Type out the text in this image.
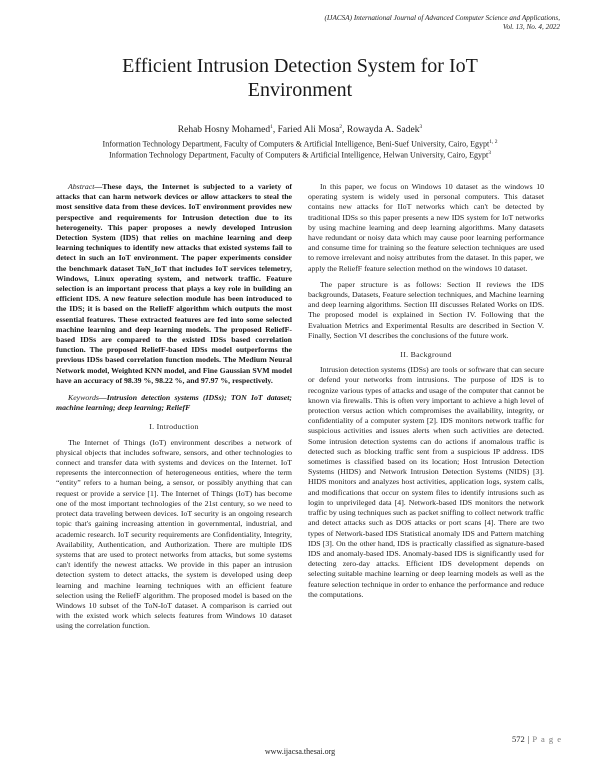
(IJACSA) International Journal of Advanced Computer Science and Applications,
Vol. 13, No. 4, 2022
Efficient Intrusion Detection System for IoT
Environment
Rehab Hosny Mohamed$^1$, Faried Ali Mosa$^2$, Rowayda A. Sadek$^3$
Information Technology Department, Faculty of Computers & Artificial Intelligence, Beni-Suef University, Cairo, Egypt$^{1, 2}$
Information Technology Department, Faculty of Computers & Artificial Intelligence, Helwan University, Cairo, Egypt$^3$

Abstract—These days, the Internet is subjected to a variety of attacks that can harm network devices or allow attackers to steal the most sensitive data from these devices. IoT environment provides new perspective and requirements for Intrusion detection due to its heterogeneity. This paper proposes a newly developed Intrusion Detection System (IDS) that relies on machine learning and deep learning techniques to identify new attacks that existed systems fail to detect in such an IoT environment. The paper experiments consider the benchmark dataset ToN_IoT that includes IoT services telemetry, Windows, Linux operating system, and network traffic. Feature selection is an important process that plays a key role in building an efficient IDS. A new feature selection module has been introduced to the IDS; it is based on the ReliefF algorithm which outputs the most essential features. These extracted features are fed into some selected machine learning and deep learning models. The proposed ReliefF-based IDSs are compared to the existed IDSs based correlation function. The proposed ReliefF-based IDSs model outperforms the previous IDSs based correlation function models. The Medium Neural Network model, Weighted KNN model, and Fine Gaussian SVM model have an accuracy of 98.39 %, 98.22 %, and 97.97 %, respectively.

Keywords—Intrusion detection systems (IDSs); TON IoT dataset; machine learning; deep learning; ReliefF

I. Introduction

The Internet of Things (IoT) environment describes a network of physical objects that includes software, sensors, and other technologies to connect and transfer data with systems and devices on the Internet. IoT represents the interconnection of heterogeneous entities, where the term “entity” refers to a human being, a sensor, or possibly anything that can request or provide a service [1]. The Internet of Things (IoT) has become one of the most important technologies of the 21st century, so we need to protect data traveling between devices. IoT security is an ongoing research topic that's gaining increasing attention in governmental, industrial, and academic research. IoT security requirements are Confidentiality, Integrity, Availability, Authentication, and Authorization. There are multiple IDS systems that are used to protect networks from attacks, but some systems can't identify the newest attacks. We provide in this paper an intrusion detection system to detect attacks, the system is developed using deep learning and machine learning techniques with an efficient feature selection using the ReliefF algorithm. The proposed model is based on the Windows 10 subset of the ToN-IoT dataset. A comparison is carried out with the existed work which selects features from Windows 10 dataset using the correlation function.

In this paper, we focus on Windows 10 dataset as the windows 10 operating system is widely used in personal computers. This dataset contains new attacks for IIoT networks which can't be detected by traditional IDSs so this paper presents a new IDS system for IoT networks by using machine learning and deep learning algorithms. Many datasets have redundant or noisy data which may cause poor learning performance and consume time for training so the feature selection techniques are used to remove irrelevant and noisy attributes from the dataset. In this paper, we apply the ReliefF feature selection method on the windows 10 dataset.

The paper structure is as follows: Section II reviews the IDS backgrounds, Datasets, Feature selection techniques, and Machine learning and deep learning algorithms. Section III discusses Related Works on IDS. The proposed model is explained in Section IV. Following that the Evaluation Metrics and Experimental Results are described in Section V. Finally, Section VI describes the conclusions of the future work.

II. Background

Intrusion detection systems (IDSs) are tools or software that can secure or defend your networks from intrusions. The purpose of IDS is to recognize various types of attacks and usage of the computer that cannot be known via firewalls. This is often very important to achieve a high level of protection versus action which compromises the availability, integrity, or confidentiality of a computer system [2]. IDS monitors network traffic for suspicious activities and issues alerts when such activities are detected. Some intrusion detection systems can do actions if anomalous traffic is detected such as blocking traffic sent from a suspicious IP address. IDS sometimes is classified based on its location; Host Intrusion Detection Systems (HIDS) and Network Intrusion Detection Systems (NIDS) [3]. HIDS monitors and analyzes host activities, application logs, system calls, and modifications that occur on system files to identify intrusions such as login to unprivileged data [4]. Network-based IDS monitors the network traffic by using techniques such as packet sniffing to collect network traffic and detect attacks such as DOS attacks or port scans [4]. There are two types of Network-based IDS Statistical anomaly IDS and Pattern matching IDS [3]. On the other hand, IDS is practically classified as signature-based IDS and anomaly-based IDS. Anomaly-based IDS is significantly used for detecting zero-day attacks. Efficient IDS development depends on selecting suitable machine learning or deep learning models as well as the feature selection technique in order to enhance the performance and reduce the computations.

572 | P a g e
www.ijacsa.thesai.org
